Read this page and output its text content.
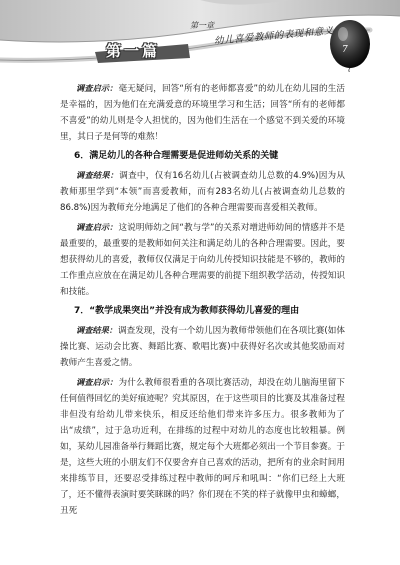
第一篇
第一章
幼儿喜爱教师的表现和意义
7

调查启示：毫无疑问，回答“所有的老师都喜爱”的幼儿在幼儿园的生活是幸福的，因为他们在充满爱意的环境里学习和生活；回答“所有的老师都不喜爱”的幼儿则是令人担忧的，因为他们生活在一个感觉不到关爱的环境里，其日子是何等的难熬！

6．满足幼儿的各种合理需要是促进师幼关系的关键

调查结果：调查中，仅有16名幼儿(占被调查幼儿总数的4.9%)因为从教师那里学到“本领”而喜爱教师，而有283名幼儿(占被调查幼儿总数的86.8%)因为教师充分地满足了他们的各种合理需要而喜爱相关教师。

调查启示：这说明师幼之间“教与学”的关系对增进师幼间的情感并不是最重要的，最重要的是教师如何关注和满足幼儿的各种合理需要。因此，要想获得幼儿的喜爱，教师仅仅满足于向幼儿传授知识技能是不够的，教师的工作重点应放在在满足幼儿各种合理需要的前提下组织教学活动，传授知识和技能。

7．“教学成果突出”并没有成为教师获得幼儿喜爱的理由

调查结果：调查发现，没有一个幼儿因为教师带领他们在各项比赛(如体操比赛、运动会比赛、舞蹈比赛、歌唱比赛)中获得好名次或其他奖励而对教师产生喜爱之情。

调查启示：为什么教师很看重的各项比赛活动，却没在幼儿脑海里留下任何值得回忆的美好痕迹呢？究其原因，在于这些项目的比赛及其准备过程非但没有给幼儿带来快乐，相反还给他们带来许多压力。很多教师为了出“成绩”，过于急功近利，在排练的过程中对幼儿的态度也比较粗暴。例如，某幼儿园准备举行舞蹈比赛，规定每个大班都必须出一个节目参赛。于是，这些大班的小朋友们不仅要舍弃自己喜欢的活动，把所有的业余时间用来排练节目，还要忍受排练过程中教师的呵斥和吼叫：“你们已经上大班了，还不懂得表演时要笑眯眯的吗？你们现在不笑的样子就像甲虫和蟑螂，丑死
